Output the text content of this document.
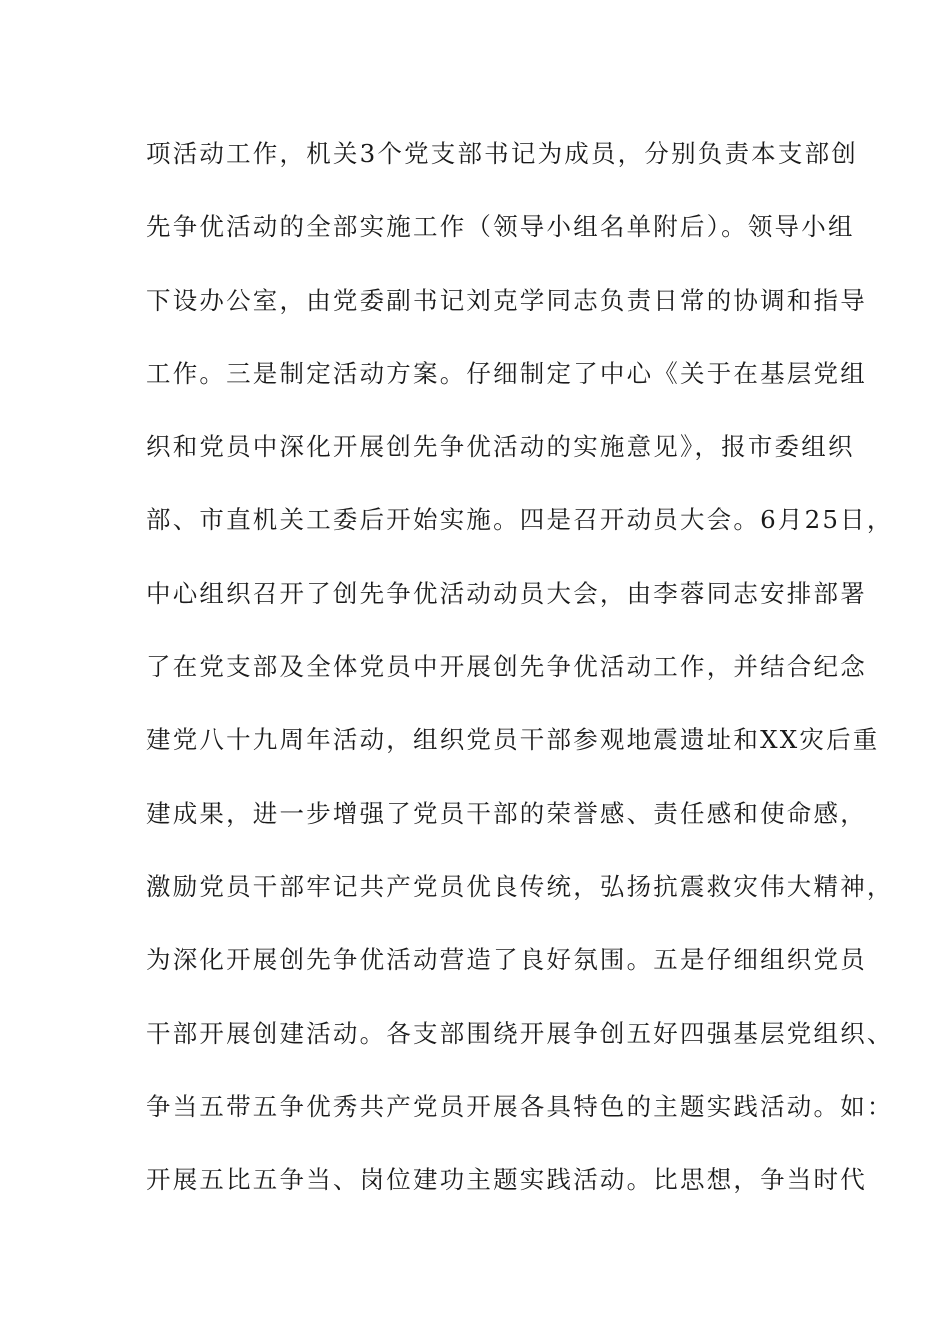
项活动工作，机关3个党支部书记为成员，分别负责本支部创
先争优活动的全部实施工作（领导小组名单附后）。领导小组
下设办公室，由党委副书记刘克学同志负责日常的协调和指导
工作。三是制定活动方案。仔细制定了中心《关于在基层党组
织和党员中深化开展创先争优活动的实施意见》，报市委组织
部、市直机关工委后开始实施。四是召开动员大会。6月25日，
中心组织召开了创先争优活动动员大会，由李蓉同志安排部署
了在党支部及全体党员中开展创先争优活动工作，并结合纪念
建党八十九周年活动，组织党员干部参观地震遗址和XX灾后重
建成果，进一步增强了党员干部的荣誉感、责任感和使命感，
激励党员干部牢记共产党员优良传统，弘扬抗震救灾伟大精神，
为深化开展创先争优活动营造了良好氛围。五是仔细组织党员
干部开展创建活动。各支部围绕开展争创五好四强基层党组织、
争当五带五争优秀共产党员开展各具特色的主题实践活动。如：
开展五比五争当、岗位建功主题实践活动。比思想，争当时代
